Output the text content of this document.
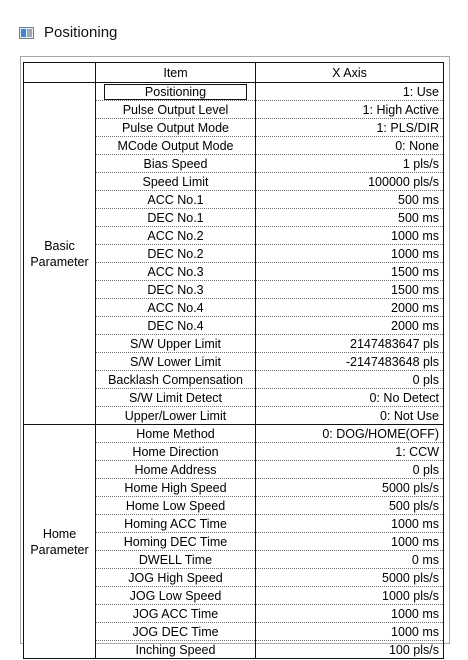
Positioning
	Item	X Axis

Basic
Parameter	Positioning	1: Use
	Pulse Output Level	1: High Active
	Pulse Output Mode	1: PLS/DIR
	MCode Output Mode	0: None
	Bias Speed	1 pls/s
	Speed Limit	100000 pls/s
	ACC No.1	500 ms
	DEC No.1	500 ms
	ACC No.2	1000 ms
	DEC No.2	1000 ms
	ACC No.3	1500 ms
	DEC No.3	1500 ms
	ACC No.4	2000 ms
	DEC No.4	2000 ms
	S/W Upper Limit	2147483647 pls
	S/W Lower Limit	-2147483648 pls
	Backlash Compensation	0 pls
	S/W Limit Detect	0: No Detect
	Upper/Lower Limit	0: Not Use

Home
Parameter	Home Method	0: DOG/HOME(OFF)
	Home Direction	1: CCW
	Home Address	0 pls
	Home High Speed	5000 pls/s
	Home Low Speed	500 pls/s
	Homing ACC Time	1000 ms
	Homing DEC Time	1000 ms
	DWELL Time	0 ms
	JOG High Speed	5000 pls/s
	JOG Low Speed	1000 pls/s
	JOG ACC Time	1000 ms
	JOG DEC Time	1000 ms
	Inching Speed	100 pls/s
